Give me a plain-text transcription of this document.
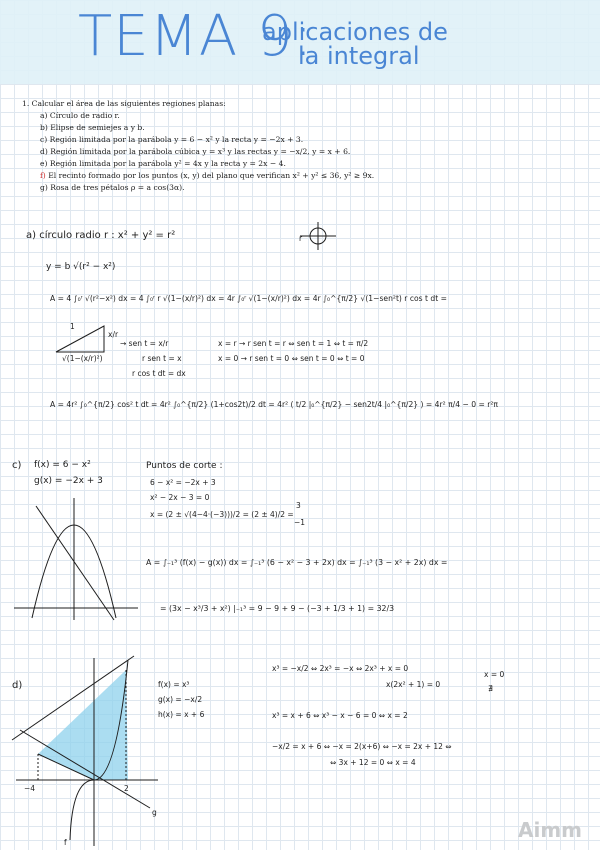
TEMA 9:
aplicaciones de
la integral
1. Calcular el área de las siguientes regiones planas:
a) Círculo de radio r.
b) Elipse de semiejes a y b.
c) Región limitada por la parábola y = 6 − x² y la recta y = −2x + 3.
d) Región limitada por la parábola cúbica y = x³ y las rectas y = −x/2, y = x + 6.
e) Región limitada por la parábola y² = 4x y la recta y = 2x − 4.
f) El recinto formado por los puntos (x, y) del plano que verifican x² + y² ≤ 36, y² ≥ 9x.
g) Rosa de tres pétalos ρ = a cos(3α).
a) círculo radio r : x² + y² = r²	r
y = b √(r² − x²)
A = 4 ∫₀ʳ √(r²−x²) dx = 4 ∫₀ʳ r √(1−(x/r)²) dx = 4r ∫₀ʳ √(1−(x/r)²) dx = 4r ∫₀^{π/2} √(1−sen²t) r cos t dt =
1
x/r
√(1−(x/r)²)
→ sen t = x/r
r sen t = x
r cos t dt = dx
x = r → r sen t = r ⇔ sen t = 1 ⇔ t = π/2
x = 0 → r sen t = 0 ⇔ sen t = 0 ⇔ t = 0
A = 4r² ∫₀^{π/2} cos² t dt = 4r² ∫₀^{π/2} (1+cos2t)/2 dt = 4r² ( t/2 |₀^{π/2} − sen2t/4 |₀^{π/2} ) = 4r² π/4 − 0 = r²π
c) f(x) = 6 − x²
g(x) = −2x + 3
Puntos de corte :
6 − x² = −2x + 3
x² − 2x − 3 = 0
x = (2 ± √(4−4·(−3)))/2 = (2 ± 4)/2 =
3
−1
A = ∫₋₁³ (f(x) − g(x)) dx = ∫₋₁³ (6 − x² − 3 + 2x) dx = ∫₋₁³ (3 − x² + 2x) dx =
= (3x − x³/3 + x²) |₋₁³ = 9 − 9 + 9 − (−3 + 1/3 + 1) = 32/3
d)	f(x) = x³
g(x) = −x/2
h(x) = x + 6
−4	2
g
f
x³ = −x/2 ⇔ 2x³ = −x ⇔ 2x³ + x = 0
x(2x² + 1) = 0
x = 0
∄
x³ = x + 6 ⇔ x³ − x − 6 = 0 ⇔ x = 2
−x/2 = x + 6 ⇔ −x = 2(x+6) ⇔ −x = 2x + 12 ⇔
⇔ 3x + 12 = 0 ⇔ x = 4
Aimm
